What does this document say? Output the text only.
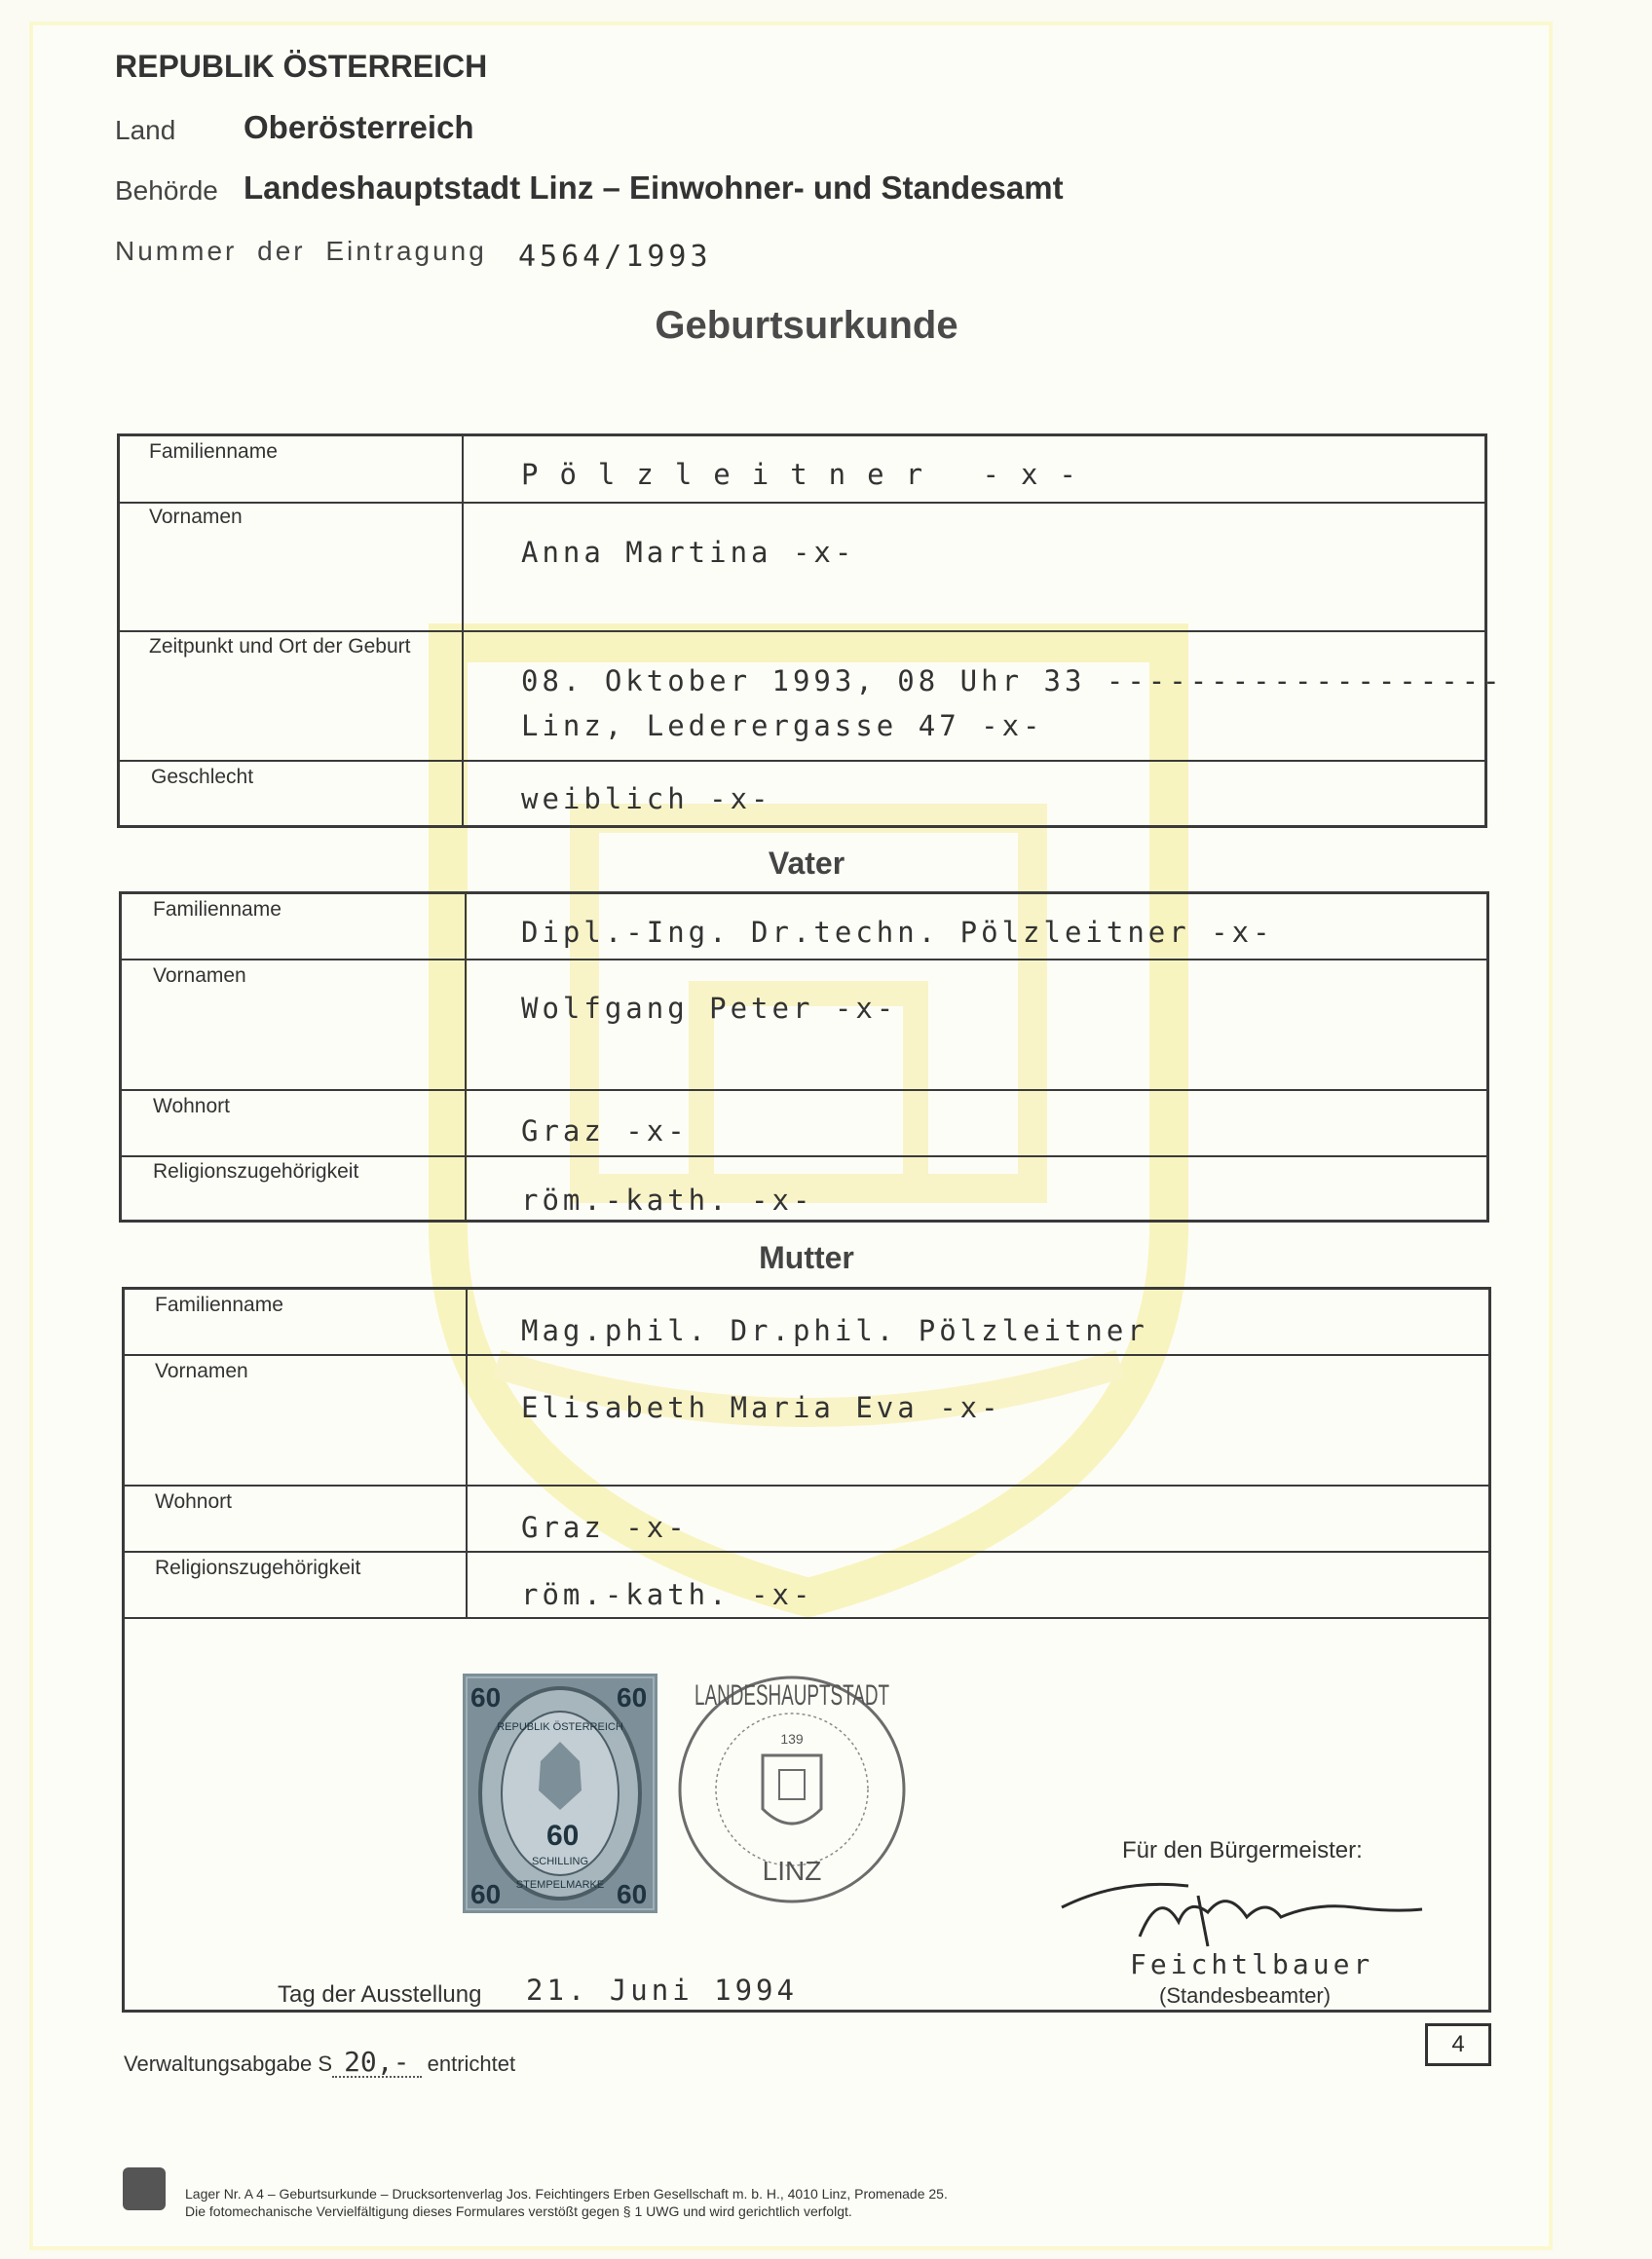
REPUBLIK ÖSTERREICH
Land Oberösterreich
Behörde Landeshauptstadt Linz – Einwohner- und Standesamt
Nummer der Eintragung 4564/1993
Geburtsurkunde
Familienname
Pölzleitner -x-
Vornamen
Anna Martina -x-
Zeitpunkt und Ort der Geburt
08. Oktober 1993, 08 Uhr 33 -------------------
Linz, Lederergasse 47 -x-
Geschlecht
weiblich -x-
Vater
Familienname
Dipl.-Ing. Dr.techn. Pölzleitner -x-
Vornamen
Wolfgang Peter -x-
Wohnort
Graz -x-
Religionszugehörigkeit
röm.-kath. -x-
Mutter
Familienname
Mag.phil. Dr.phil. Pölzleitner
Vornamen
Elisabeth Maria Eva -x-
Wohnort
Graz -x-
Religionszugehörigkeit
röm.-kath. -x-
60	60
60	60
60
SCHILLING
REPUBLIK ÖSTERREICH
STEMPELMARKE
LANDESHAUPTSTADT
139
LINZ
Für den Bürgermeister:
Feichtlbauer
(Standesbeamter)
Tag der Ausstellung 21. Juni 1994
Verwaltungsabgabe S 20,- entrichtet
4
Lager Nr. A 4 – Geburtsurkunde – Drucksortenverlag Jos. Feichtingers Erben Gesellschaft m. b. H., 4010 Linz, Promenade 25.
Die fotomechanische Vervielfältigung dieses Formulares verstößt gegen § 1 UWG und wird gerichtlich verfolgt.
